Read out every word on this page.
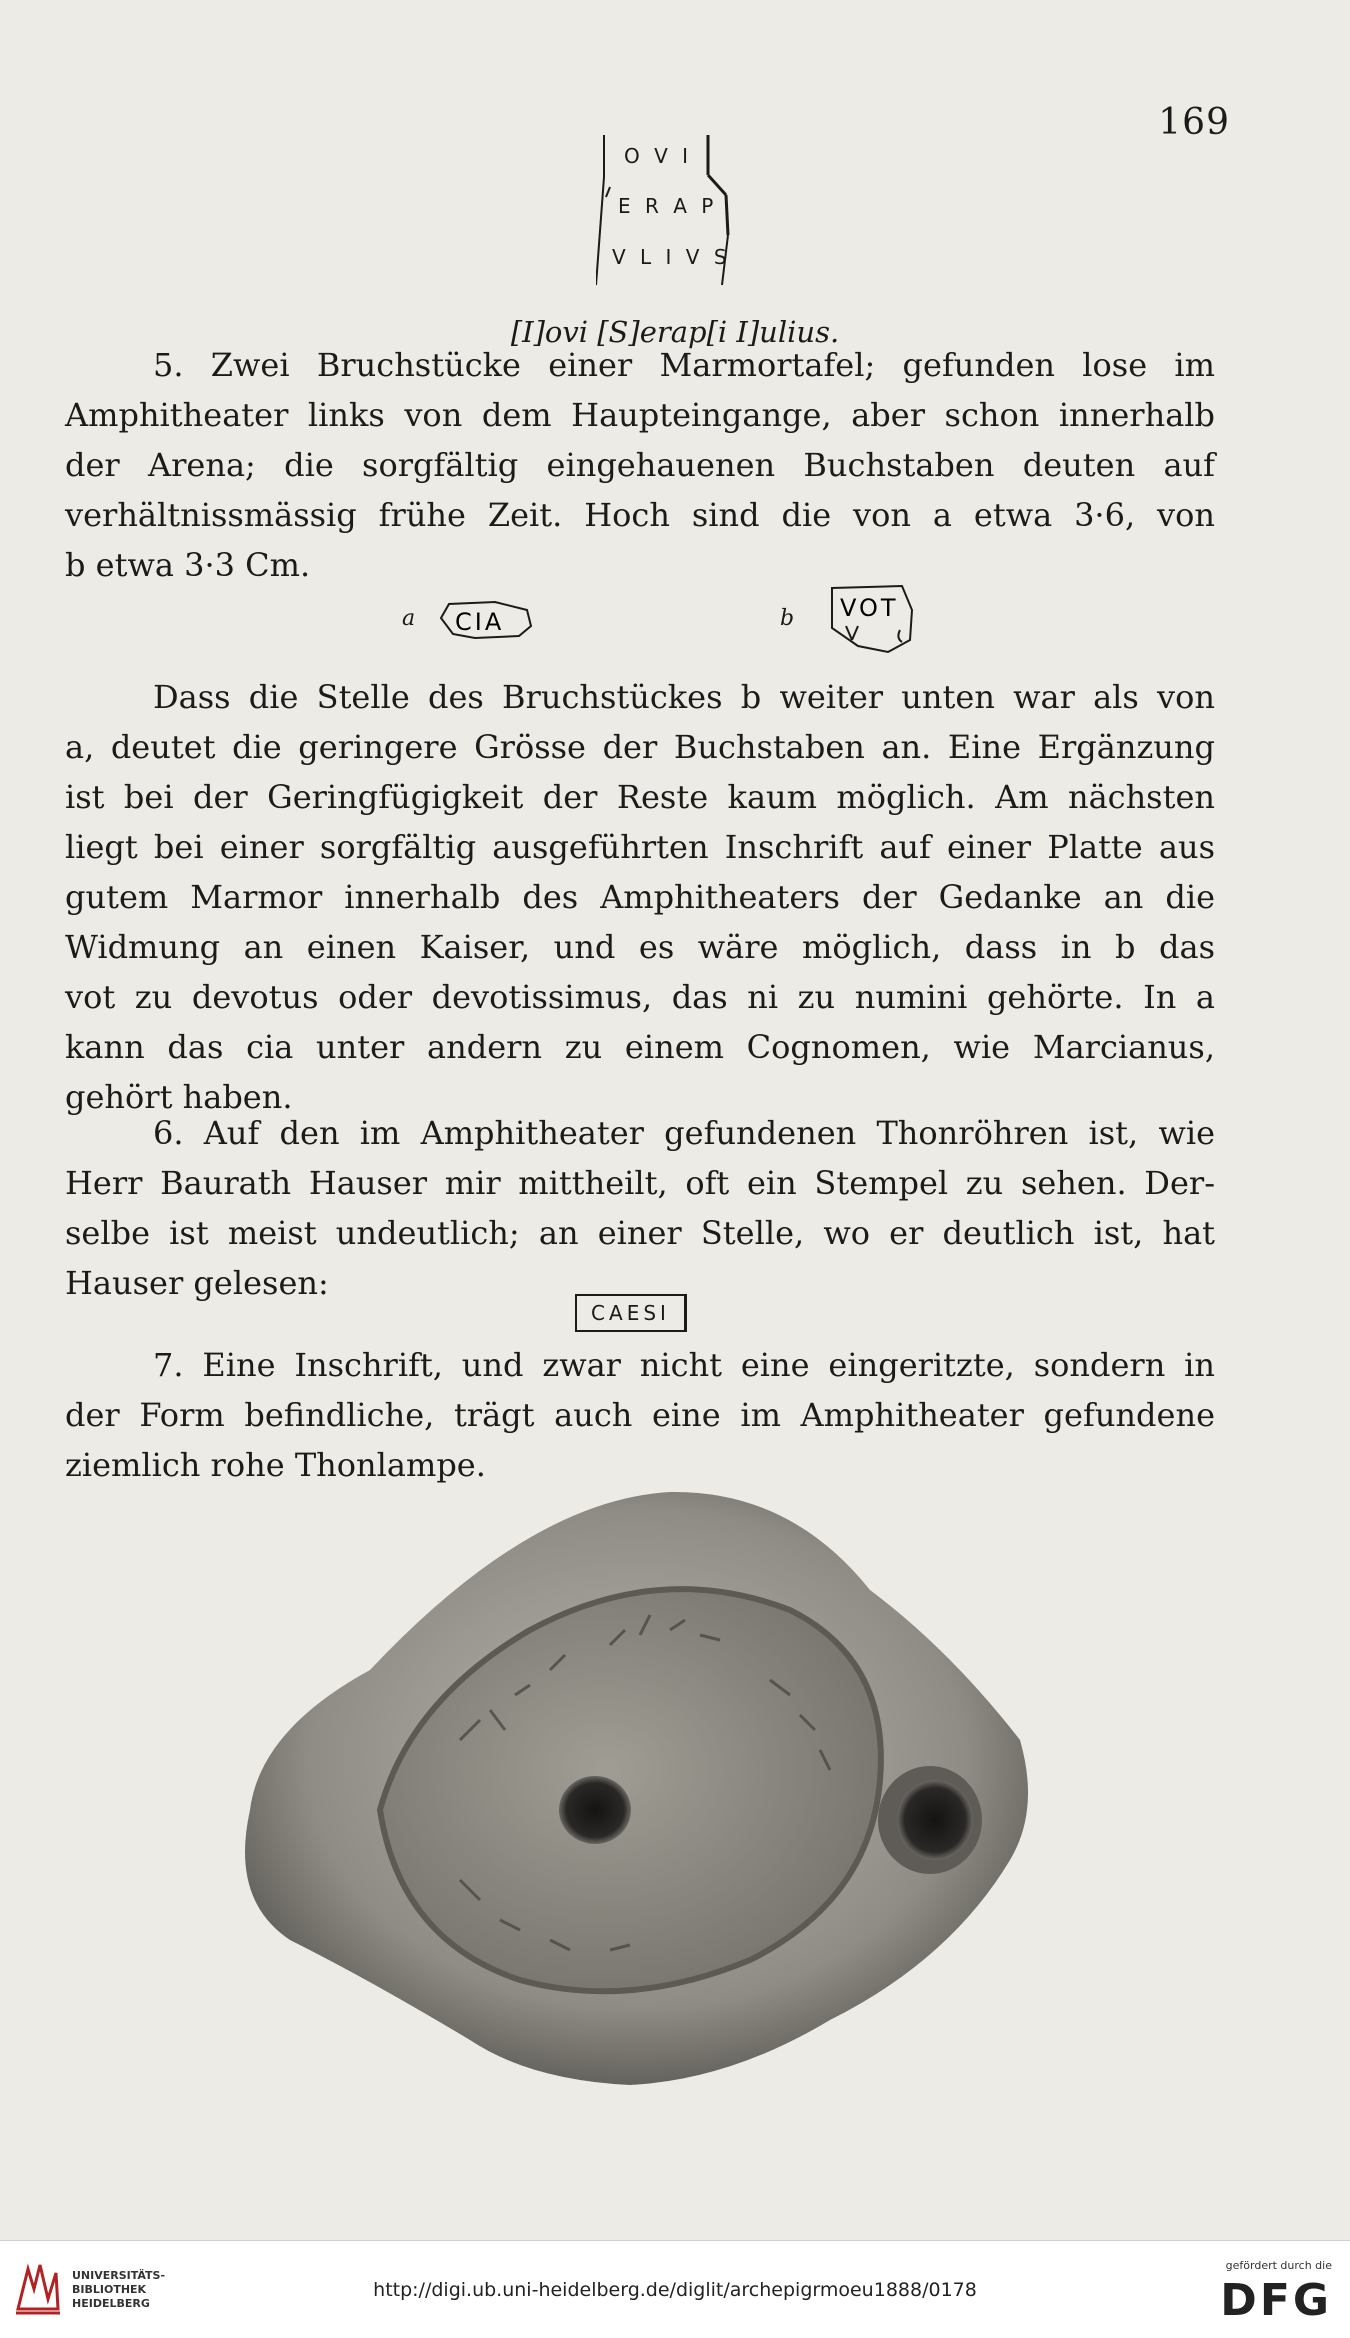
169
O V I
E R A P
V L I V S
[I]ovi [S]erap[i I]ulius.
5. Zwei Bruchstücke einer Marmortafel; gefunden lose im
Amphitheater links von dem Haupteingange, aber schon innerhalb
der Arena; die sorgfältig eingehauenen Buchstaben deuten auf
verhältnissmässig frühe Zeit. Hoch sind die von a etwa 3·6, von
b etwa 3·3 Cm.
a CIA	b VOT
Dass die Stelle des Bruchstückes b weiter unten war als von
a, deutet die geringere Grösse der Buchstaben an. Eine Ergänzung
ist bei der Geringfügigkeit der Reste kaum möglich. Am nächsten
liegt bei einer sorgfältig ausgeführten Inschrift auf einer Platte aus
gutem Marmor innerhalb des Amphitheaters der Gedanke an die
Widmung an einen Kaiser, und es wäre möglich, dass in b das
vot zu devotus oder devotissimus, das ni zu numini gehörte. In a
kann das cia unter andern zu einem Cognomen, wie Marcianus,
gehört haben.
6. Auf den im Amphitheater gefundenen Thonröhren ist, wie
Herr Baurath Hauser mir mittheilt, oft ein Stempel zu sehen. Der-
selbe ist meist undeutlich; an einer Stelle, wo er deutlich ist, hat
Hauser gelesen:
CAESI
7. Eine Inschrift, und zwar nicht eine eingeritzte, sondern in
der Form befindliche, trägt auch eine im Amphitheater gefundene
ziemlich rohe Thonlampe.
UNIVERSITÄTS-
BIBLIOTHEK
HEIDELBERG
http://digi.ub.uni-heidelberg.de/diglit/archepigrmoeu1888/0178
gefördert durch die
DFG
